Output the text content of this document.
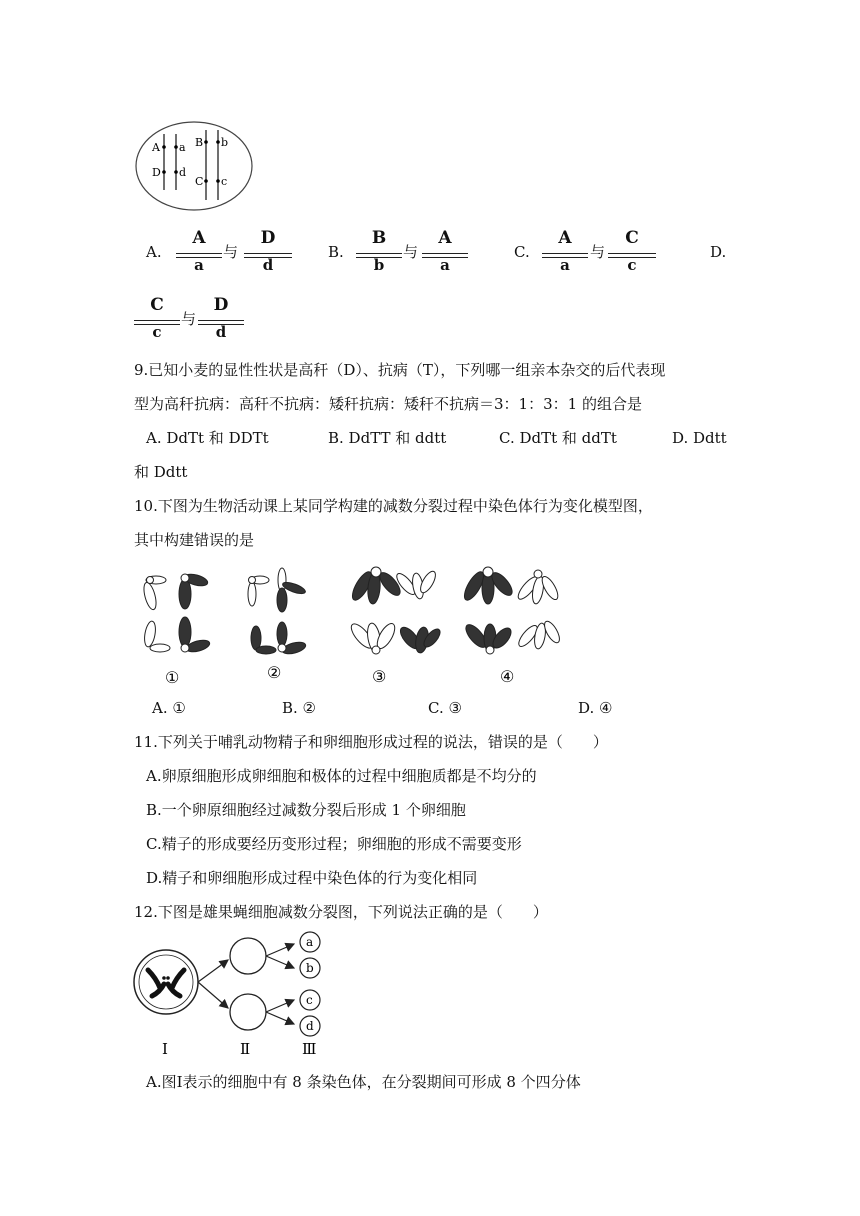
A a
D d
B b
C c
A.
A
a
与
D
d
B.
B
b
与
A
a
C.
A
a
与
C
c
D.
C
c
与
D
d
9.已知小麦的显性性状是高秆（D）、抗病（T），下列哪一组亲本杂交的后代表现
型为高秆抗病：高秆不抗病：矮秆抗病：矮秆不抗病＝3：1：3：1 的组合是
A. DdTt 和 DDTt	B. DdTT 和 ddtt	C. DdTt 和 ddTt	D. Ddtt
和 Ddtt
10.下图为生物活动课上某同学构建的减数分裂过程中染色体行为变化模型图，
其中构建错误的是
①	②	③	④
A. ①	B. ②	C. ③	D. ④
11.下列关于哺乳动物精子和卵细胞形成过程的说法，错误的是（　　）
A.卵原细胞形成卵细胞和极体的过程中细胞质都是不均分的
B.一个卵原细胞经过减数分裂后形成 1 个卵细胞
C.精子的形成要经历变形过程；卵细胞的形成不需要变形
D.精子和卵细胞形成过程中染色体的行为变化相同
12.下图是雄果蝇细胞减数分裂图，下列说法正确的是（　　）
a
b
c
d
Ⅰ	Ⅱ	Ⅲ
A.图Ⅰ表示的细胞中有 8 条染色体，在分裂期间可形成 8 个四分体
